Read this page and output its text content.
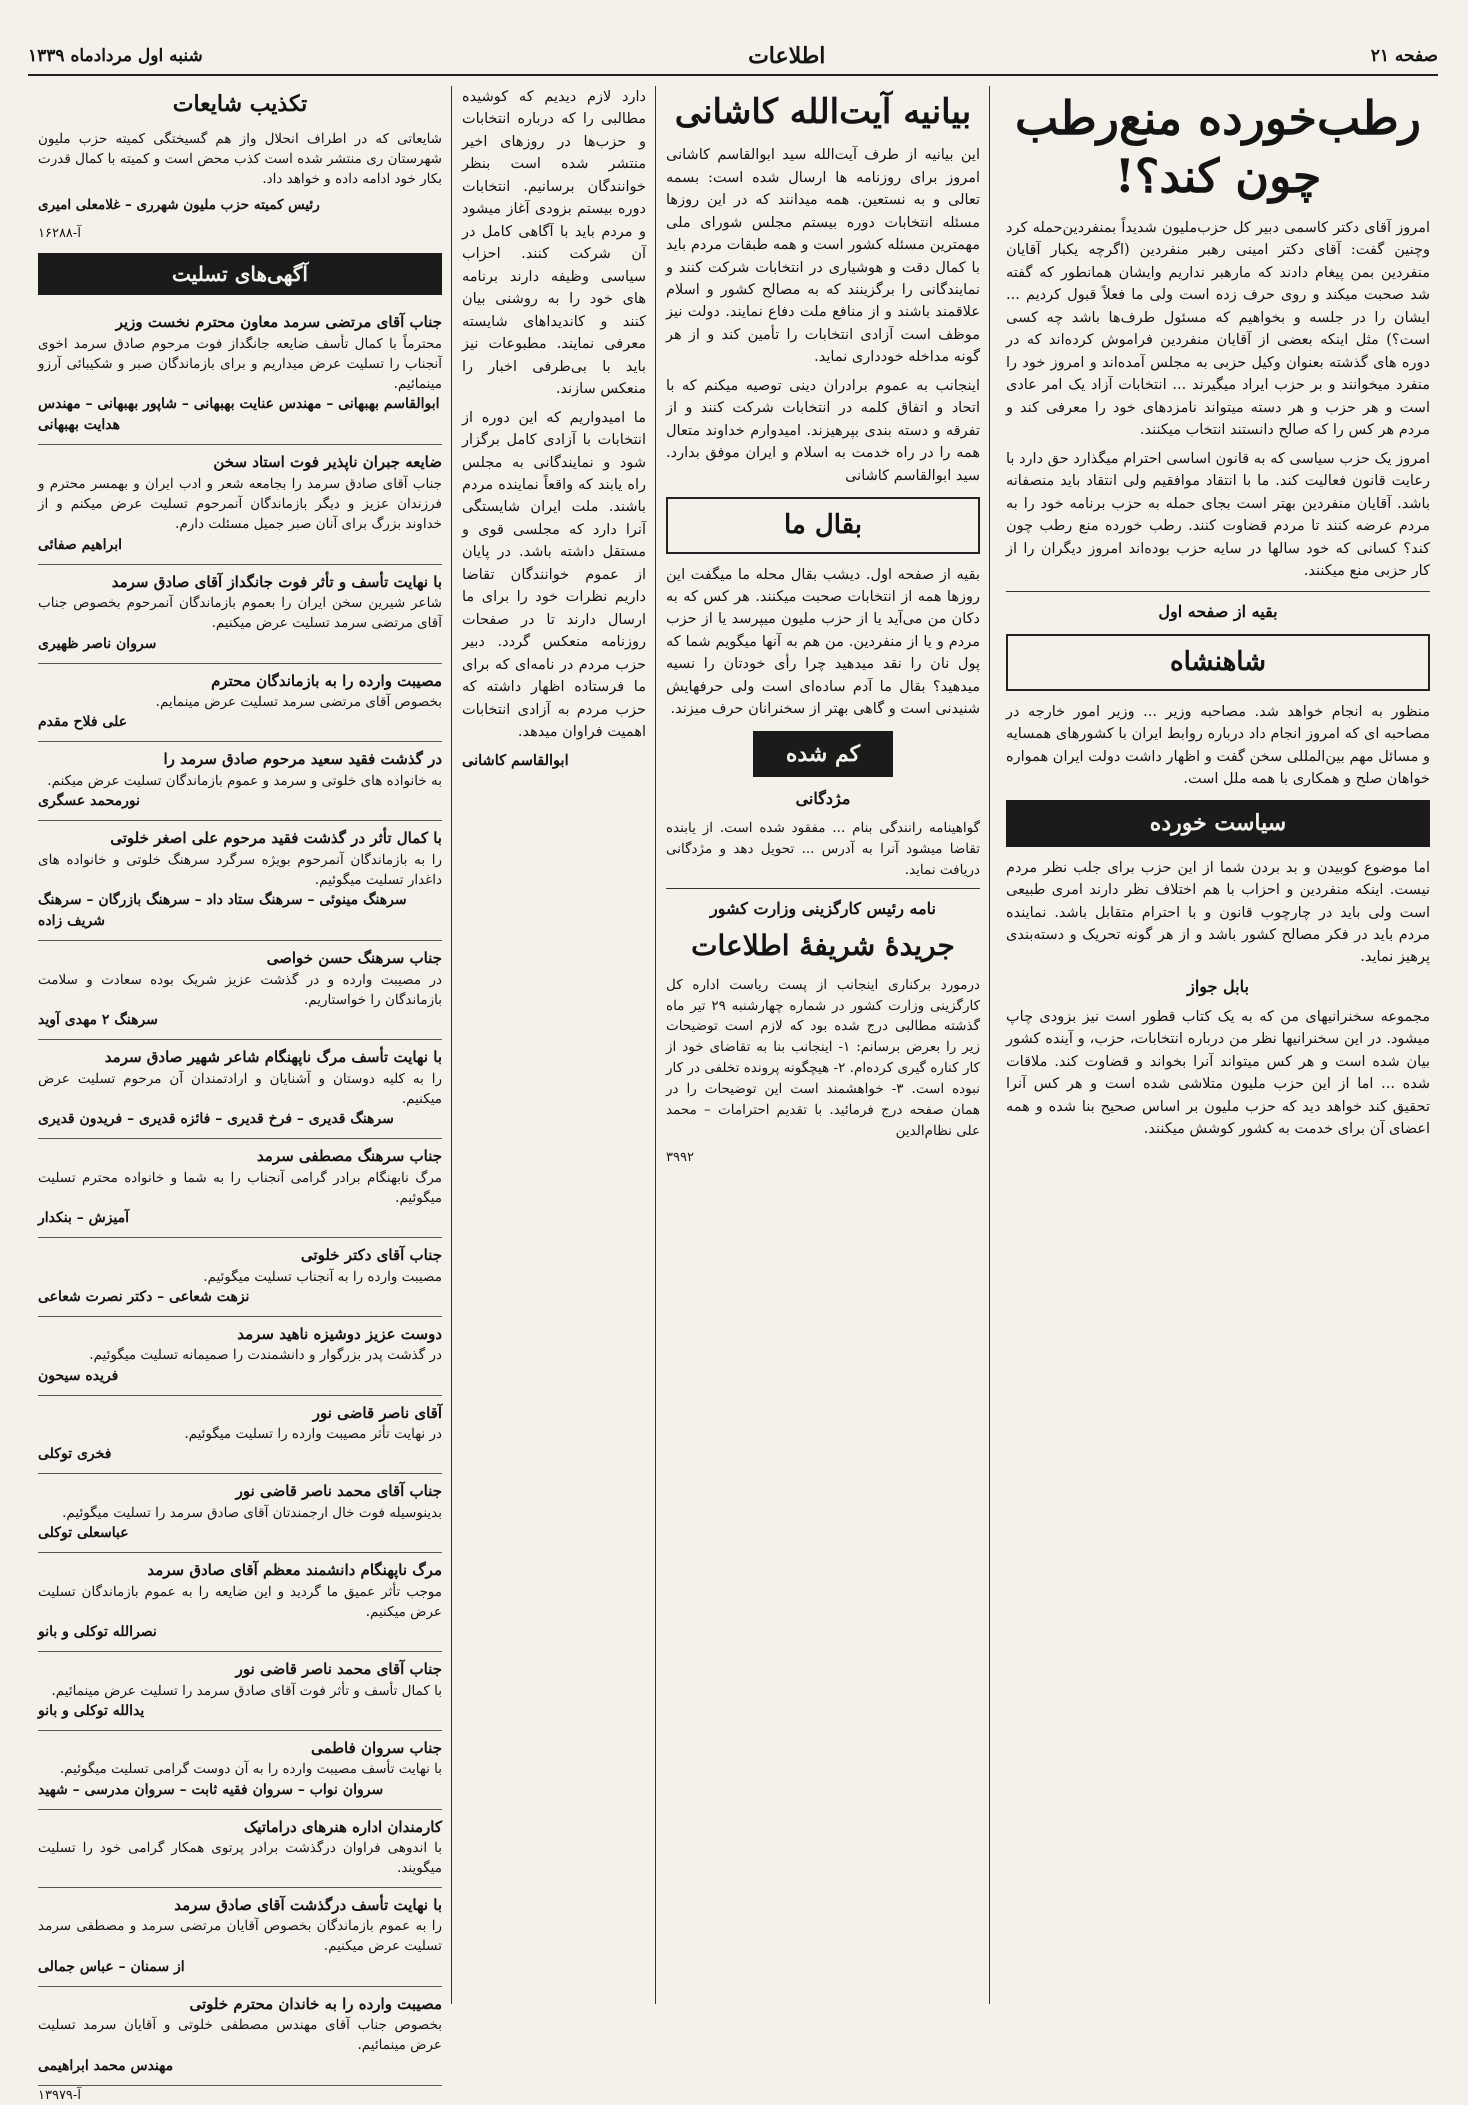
صفحه ۲۱
اطلاعات
شنبه اول مردادماه ۱۳۳۹
رطب‌خورده منع‌رطب چون کند؟!

امروز آقای دکتر کاسمی دبیر کل حزب‌ملیون شدیداً بمنفردین‌حمله کرد وچنین گفت: آقای دکتر امینی رهبر منفردین (اگرچه یکبار آقایان منفردین بمن پیغام دادند که مارهبر نداریم وایشان همانطور که گفته شد صحبت میکند و روی حرف زده است ولی ما فعلاً قبول کردیم ... ایشان را در جلسه و بخواهیم که مسئول طرف‌ها باشد چه کسی است؟) مثل اینکه بعضی از آقایان منفردین فراموش کرده‌اند که در دوره های گذشته بعنوان وکیل حزبی به مجلس آمده‌اند و امروز خود را منفرد میخوانند و بر حزب ایراد میگیرند ... انتخابات آزاد یک امر عادی است و هر حزب و هر دسته میتواند نامزدهای خود را معرفی کند و مردم هر کس را که صالح دانستند انتخاب میکنند.

امروز یک حزب سیاسی که به قانون اساسی احترام میگذارد حق دارد با رعایت قانون فعالیت کند. ما با انتقاد موافقیم ولی انتقاد باید منصفانه باشد. آقایان منفردین بهتر است بجای حمله به حزب برنامه خود را به مردم عرضه کنند تا مردم قضاوت کنند. رطب خورده منع رطب چون کند؟ کسانی که خود سالها در سایه حزب بوده‌اند امروز دیگران را از کار حزبی منع میکنند.

بقیه از صفحه اول
شاهنشاه

منظور به انجام خواهد شد. مصاحبه وزیر ... وزیر امور خارجه در مصاحبه ای که امروز انجام داد درباره روابط ایران با کشورهای همسایه و مسائل مهم بین‌المللی سخن گفت و اظهار داشت دولت ایران همواره خواهان صلح و همکاری با همه ملل است.

سیاست خورده

اما موضوع کوبیدن و بد بردن شما از این حزب برای جلب نظر مردم نیست. اینکه منفردین و احزاب با هم اختلاف نظر دارند امری طبیعی است ولی باید در چارچوب قانون و با احترام متقابل باشد. نماینده مردم باید در فکر مصالح کشور باشد و از هر گونه تحریک و دسته‌بندی پرهیز نماید.

بابل جواز

مجموعه سخنرانیهای من که به یک کتاب قطور است نیز بزودی چاپ میشود. در این سخنرانیها نظر من درباره انتخابات، حزب، و آینده کشور بیان شده است و هر کس میتواند آنرا بخواند و قضاوت کند. ملاقات شده ... اما از این حزب ملیون متلاشی شده است و هر کس آنرا تحقیق کند خواهد دید که حزب ملیون بر اساس صحیح بنا شده و همه اعضای آن برای خدمت به کشور کوشش میکنند.

بیانیه آیت‌الله کاشانی

این بیانیه از طرف آیت‌الله سید ابوالقاسم کاشانی امروز برای روزنامه ها ارسال شده است: بسمه تعالی و به نستعین. همه میدانند که در این روزها مسئله انتخابات دوره بیستم مجلس شورای ملی مهمترین مسئله کشور است و همه طبقات مردم باید با کمال دقت و هوشیاری در انتخابات شرکت کنند و نمایندگانی را برگزینند که به مصالح کشور و اسلام علاقمند باشند و از منافع ملت دفاع نمایند. دولت نیز موظف است آزادی انتخابات را تأمین کند و از هر گونه مداخله خودداری نماید.

اینجانب به عموم برادران دینی توصیه میکنم که با اتحاد و اتفاق کلمه در انتخابات شرکت کنند و از تفرقه و دسته بندی بپرهیزند. امیدوارم خداوند متعال همه را در راه خدمت به اسلام و ایران موفق بدارد. سید ابوالقاسم کاشانی

بقال ما

بقیه از صفحه اول. دیشب بقال محله ما میگفت این روزها همه از انتخابات صحبت میکنند. هر کس که به دکان من می‌آید یا از حزب ملیون میپرسد یا از حزب مردم و یا از منفردین. من هم به آنها میگویم شما که پول نان را نقد میدهید چرا رأی خودتان را نسیه میدهید؟ بقال ما آدم ساده‌ای است ولی حرفهایش شنیدنی است و گاهی بهتر از سخنرانان حرف میزند.

کم شده
مژدگانی

گواهینامه رانندگی بنام ... مفقود شده است. از یابنده تقاضا میشود آنرا به آدرس ... تحویل دهد و مژدگانی دریافت نماید.

نامه رئیس کارگزینی وزارت کشور
جریدهٔ شریفهٔ اطلاعات

درمورد برکناری اینجانب از پست ریاست اداره کل کارگزینی وزارت کشور در شماره چهارشنبه ۲۹ تیر ماه گذشته مطالبی درج شده بود که لازم است توضیحات زیر را بعرض برسانم: ۱- اینجانب بنا به تقاضای خود از کار کناره گیری کرده‌ام. ۲- هیچگونه پرونده تخلفی در کار نبوده است. ۳- خواهشمند است این توضیحات را در همان صفحه درج فرمائید. با تقدیم احترامات – محمد علی نظام‌الدین

۳۹۹۲

دارد لازم دیدیم که کوشیده مطالبی را که درباره انتخابات و حزب‌ها در روزهای اخیر منتشر شده است بنظر خوانندگان برسانیم. انتخابات دوره بیستم بزودی آغاز میشود و مردم باید با آگاهی کامل در آن شرکت کنند. احزاب سیاسی وظیفه دارند برنامه های خود را به روشنی بیان کنند و کاندیداهای شایسته معرفی نمایند. مطبوعات نیز باید با بی‌طرفی اخبار را منعکس سازند.

ما امیدواریم که این دوره از انتخابات با آزادی کامل برگزار شود و نمایندگانی به مجلس راه یابند که واقعاً نماینده مردم باشند. ملت ایران شایستگی آنرا دارد که مجلسی قوی و مستقل داشته باشد. در پایان از عموم خوانندگان تقاضا داریم نظرات خود را برای ما ارسال دارند تا در صفحات روزنامه منعکس گردد. دبیر حزب مردم در نامه‌ای که برای ما فرستاده اظهار داشته که حزب مردم به آزادی انتخابات اهمیت فراوان میدهد.

ابوالقاسم کاشانی
تکذیب شایعات

شایعاتی که در اطراف انحلال واز هم گسیختگی کمیته حزب ملیون شهرستان ری منتشر شده است کذب محض است و کمیته با کمال قدرت بکار خود ادامه داده و خواهد داد.

رئیس کمیته حزب ملیون شهرری – غلامعلی امیری
آ-۱۶۲۸۸
آگهی‌های تسلیت
جناب آقای مرتضی سرمد معاون محترم نخست وزیر
محترماً با کمال تأسف ضایعه جانگداز فوت مرحوم صادق سرمد اخوی آنجناب را تسلیت عرض میداریم و برای بازماندگان صبر و شکیبائی آرزو مینمائیم.
ابوالقاسم بهبهانی – مهندس عنایت بهبهانی – شاپور بهبهانی – مهندس هدایت بهبهانی
ضایعه جبران ناپذیر فوت استاد سخن
جناب آقای صادق سرمد را بجامعه شعر و ادب ایران و بهمسر محترم و فرزندان عزیز و دیگر بازماندگان آنمرحوم تسلیت عرض میکنم و از خداوند بزرگ برای آنان صبر جمیل مسئلت دارم.
ابراهیم صفائی
با نهایت تأسف و تأثر فوت جانگداز آقای صادق سرمد
شاعر شیرین سخن ایران را بعموم بازماندگان آنمرحوم بخصوص جناب آقای مرتضی سرمد تسلیت عرض میکنیم.
سروان ناصر ظهیری
مصیبت وارده را به بازماندگان محترم
بخصوص آقای مرتضی سرمد تسلیت عرض مینمایم.
علی فلاح مقدم
در گذشت فقید سعید مرحوم صادق سرمد را
به خانواده های خلوتی و سرمد و عموم بازماندگان تسلیت عرض میکنم.
نورمحمد عسگری
با کمال تأثر در گذشت فقید مرحوم علی اصغر خلوتی
را به بازماندگان آنمرحوم بویژه سرگرد سرهنگ خلوتی و خانواده های داغدار تسلیت میگوئیم.
سرهنگ مینوئی – سرهنگ ستاد داد – سرهنگ بازرگان – سرهنگ شریف زاده
جناب سرهنگ حسن خواصی
در مصیبت وارده و در گذشت عزیز شریک بوده سعادت و سلامت بازماندگان را خواستاریم.
سرهنگ ۲ مهدی آوید
با نهایت تأسف مرگ ناپهنگام شاعر شهیر صادق سرمد
را به کلیه دوستان و آشنایان و ارادتمندان آن مرحوم تسلیت عرض میکنیم.
سرهنگ قدیری – فرخ قدیری – فائزه قدیری – فریدون قدیری
جناب سرهنگ مصطفی سرمد
مرگ نابهنگام برادر گرامی آنجناب را به شما و خانواده محترم تسلیت میگوئیم.
آمیزش – بنکدار
جناب آقای دکتر خلوتی
مصیبت وارده را به آنجناب تسلیت میگوئیم.
نزهت شعاعی – دکتر نصرت شعاعی
دوست عزیز دوشیزه ناهید سرمد
در گذشت پدر بزرگوار و دانشمندت را صمیمانه تسلیت میگوئیم.
فریده سیحون
آقای ناصر قاضی نور
در نهایت تأثر مصیبت وارده را تسلیت میگوئیم.
فخری توکلی
جناب آقای محمد ناصر قاضی نور
بدینوسیله فوت خال ارجمندتان آقای صادق سرمد را تسلیت میگوئیم.
عباسعلی توکلی
مرگ ناپهنگام دانشمند معظم آقای صادق سرمد
موجب تأثر عمیق ما گردید و این ضایعه را به عموم بازماندگان تسلیت عرض میکنیم.
نصرالله توکلی و بانو
جناب آقای محمد ناصر قاضی نور
با کمال تأسف و تأثر فوت آقای صادق سرمد را تسلیت عرض مینمائیم.
یدالله توکلی و بانو
جناب سروان فاطمی
با نهایت تأسف مصیبت وارده را به آن دوست گرامی تسلیت میگوئیم.
سروان نواب – سروان فقیه ثابت – سروان مدرسی – شهید
کارمندان اداره هنرهای دراماتیک
با اندوهی فراوان درگذشت برادر پرتوی همکار گرامی خود را تسلیت میگویند.
با نهایت تأسف درگذشت آقای صادق سرمد
را به عموم بازماندگان بخصوص آقایان مرتضی سرمد و مصطفی سرمد تسلیت عرض میکنیم.
از سمنان – عباس جمالی
مصیبت وارده را به خاندان محترم خلوتی
بخصوص جناب آقای مهندس مصطفی خلوتی و آقایان سرمد تسلیت عرض مینمائیم.
مهندس محمد ابراهیمی
آ-۱۳۹۷۹
